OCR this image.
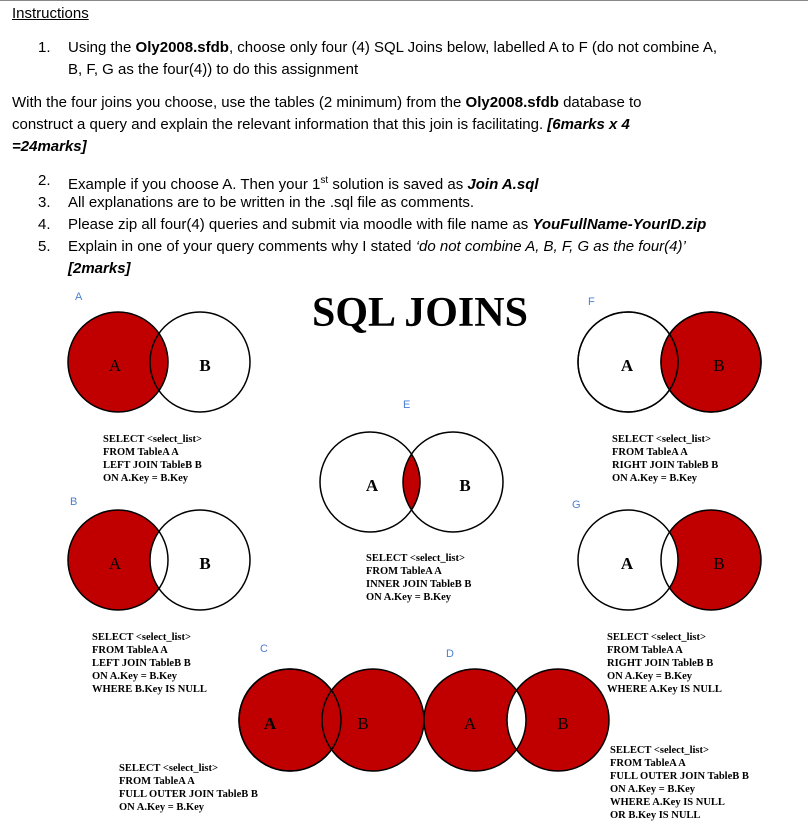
Instructions
1.	Using the Oly2008.sfdb, choose only four (4) SQL Joins below, labelled A to F (do not combine A,
B, F, G as the four(4)) to do this assignment
With the four joins you choose, use the tables (2 minimum) from the Oly2008.sfdb database to
construct a query and explain the relevant information that this join is facilitating. [6marks x 4
=24marks]
2.	Example if you choose A. Then your 1st solution is saved as Join A.sql
3.	All explanations are to be written in the .sql file as comments.
4.	Please zip all four(4) queries and submit via moodle with file name as YouFullName-YourID.zip
5.	Explain in one of your query comments why I stated ‘do not combine A, B, F, G as the four(4)’
[2marks]
SQL JOINS
A
A	B
SELECT <select_list>
FROM TableA A
LEFT JOIN TableB B
ON A.Key = B.Key
F
A	B
SELECT <select_list>
FROM TableA A
RIGHT JOIN TableB B
ON A.Key = B.Key
E
A	B
SELECT <select_list>
FROM TableA A
INNER JOIN TableB B
ON A.Key = B.Key
B
A	B
SELECT <select_list>
FROM TableA A
LEFT JOIN TableB B
ON A.Key = B.Key
WHERE B.Key IS NULL
G
A	B
SELECT <select_list>
FROM TableA A
RIGHT JOIN TableB B
ON A.Key = B.Key
WHERE A.Key IS NULL
C
A	B
SELECT <select_list>
FROM TableA A
FULL OUTER JOIN TableB B
ON A.Key = B.Key
D
A	B
SELECT <select_list>
FROM TableA A
FULL OUTER JOIN TableB B
ON A.Key = B.Key
WHERE A.Key IS NULL
OR B.Key IS NULL
